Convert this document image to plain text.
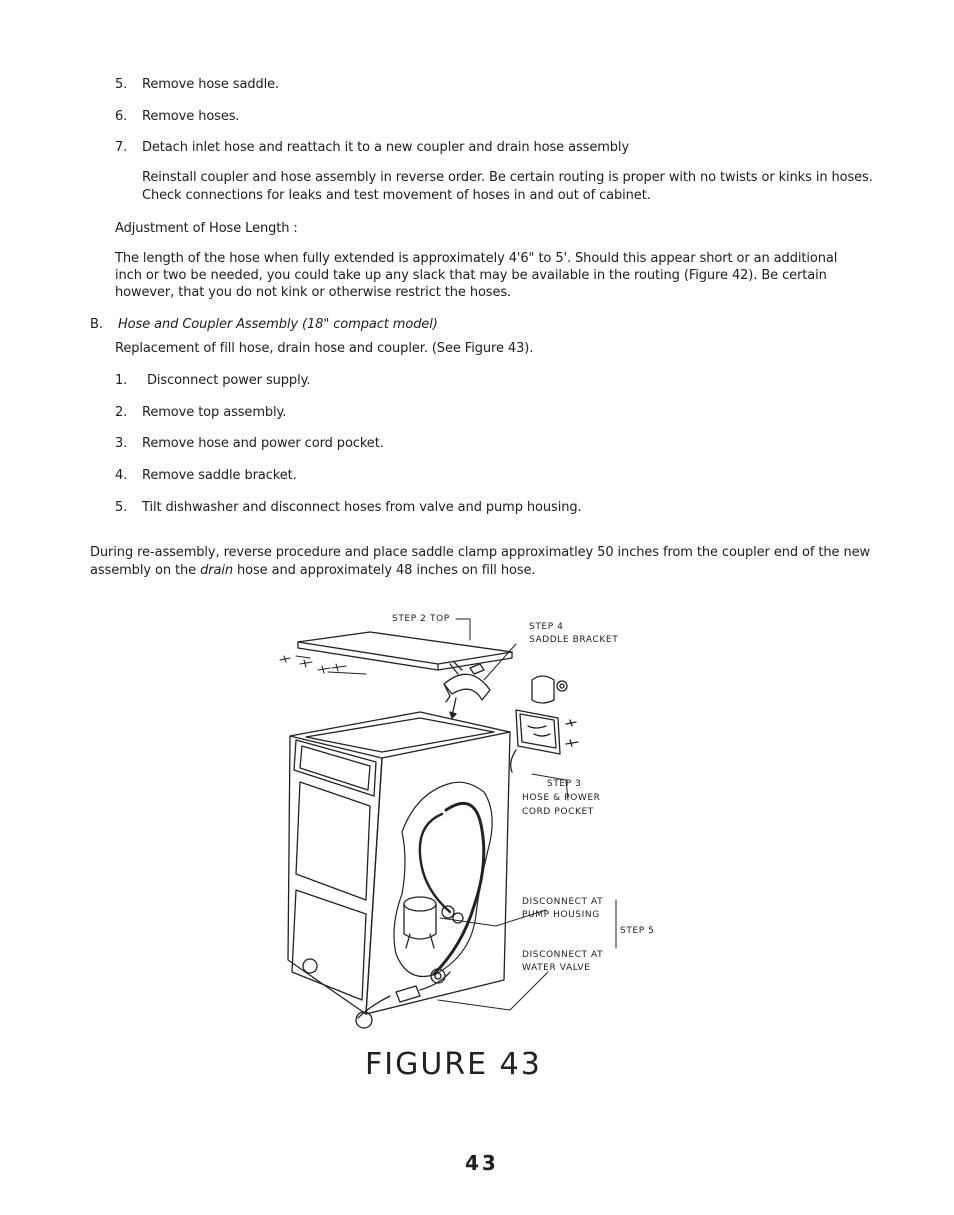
5. Remove hose saddle.
6. Remove hoses.
7. Detach inlet hose and reattach it to a new coupler and drain hose assembly
Reinstall coupler and hose assembly in reverse order. Be certain routing is proper with no twists or kinks in hoses.
Check connections for leaks and test movement of hoses in and out of cabinet.
Adjustment of Hose Length :
The length of the hose when fully extended is approximately 4'6" to 5'. Should this appear short or an additional
inch or two be needed, you could take up any slack that may be available in the routing (Figure 42). Be certain
however, that you do not kink or otherwise restrict the hoses.
B. Hose and Coupler Assembly (18" compact model)
Replacement of fill hose, drain hose and coupler. (See Figure 43).
1. Disconnect power supply.
2. Remove top assembly.
3. Remove hose and power cord pocket.
4. Remove saddle bracket.
5. Tilt dishwasher and disconnect hoses from valve and pump housing.
During re-assembly, reverse procedure and place saddle clamp approximatley 50 inches from the coupler end of the new
assembly on the drain hose and approximately 48 inches on fill hose.
STEP 2 TOP
STEP 4
SADDLE BRACKET
STEP 3
HOSE & POWER
CORD POCKET
DISCONNECT AT
PUMP HOUSING
STEP 5
DISCONNECT AT
WATER VALVE
FIGURE 43
43
